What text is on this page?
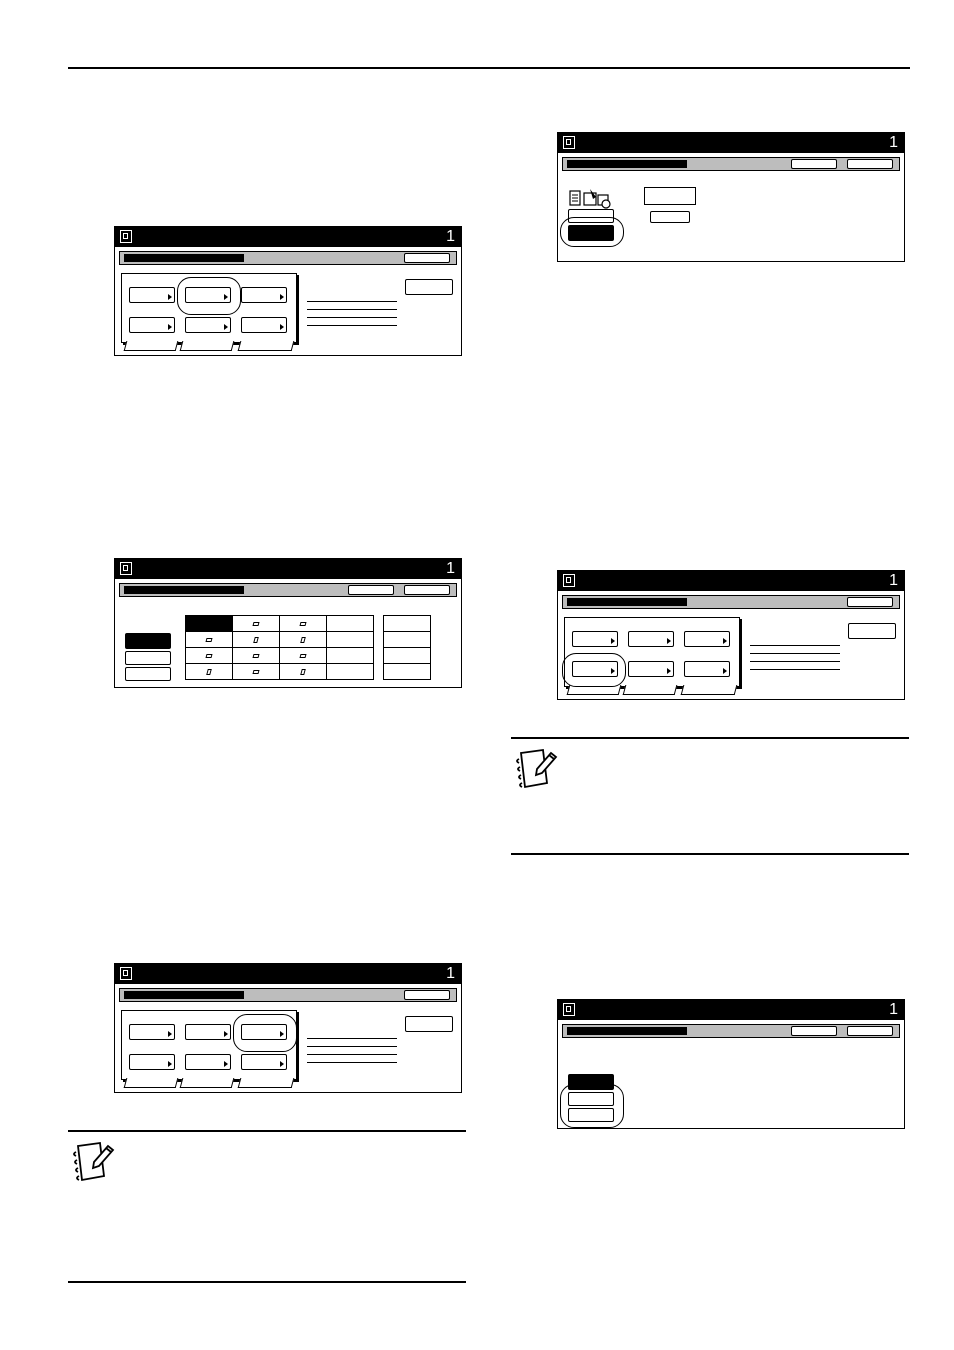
1
1
1
1
1
1
